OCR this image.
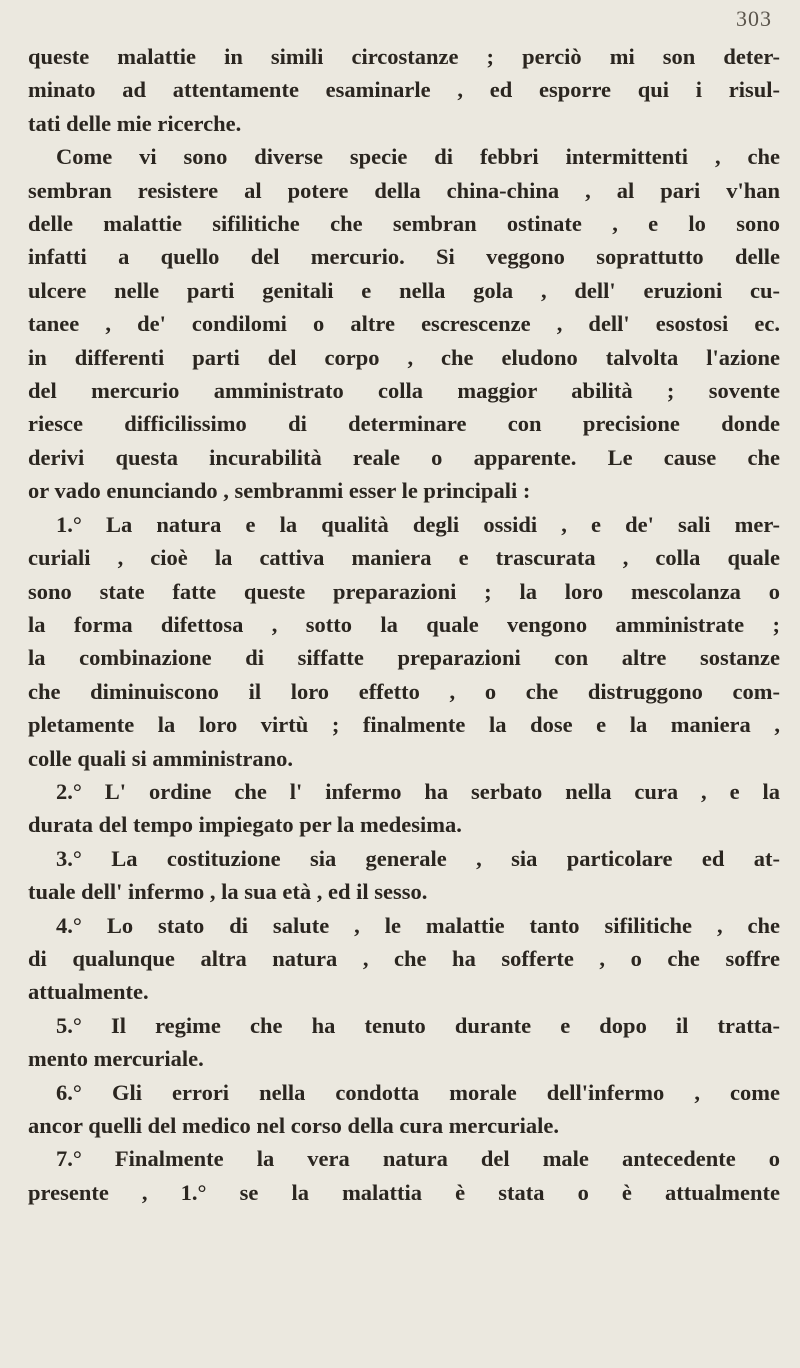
303
queste malattie in simili circostanze ; perciò mi son deter-
minato ad attentamente esaminarle , ed esporre qui i risul-
tati delle mie ricerche.
Come vi sono diverse specie di febbri intermittenti , che
sembran resistere al potere della china-china , al pari v'han
delle malattie sifilitiche che sembran ostinate , e lo sono
infatti a quello del mercurio. Si veggono soprattutto delle
ulcere nelle parti genitali e nella gola , dell' eruzioni cu-
tanee , de' condilomi o altre escrescenze , dell' esostosi ec.
in differenti parti del corpo , che eludono talvolta l'azione
del mercurio amministrato colla maggior abilità ; sovente
riesce difficilissimo di determinare con precisione donde
derivi questa incurabilità reale o apparente. Le cause che
or vado enunciando , sembranmi esser le principali :
1.° La natura e la qualità degli ossidi , e de' sali mer-
curiali , cioè la cattiva maniera e trascurata , colla quale
sono state fatte queste preparazioni ; la loro mescolanza o
la forma difettosa , sotto la quale vengono amministrate ;
la combinazione di siffatte preparazioni con altre sostanze
che diminuiscono il loro effetto , o che distruggono com-
pletamente la loro virtù ; finalmente la dose e la maniera ,
colle quali si amministrano.
2.° L' ordine che l' infermo ha serbato nella cura , e la
durata del tempo impiegato per la medesima.
3.° La costituzione sia generale , sia particolare ed at-
tuale dell' infermo , la sua età , ed il sesso.
4.° Lo stato di salute , le malattie tanto sifilitiche , che
di qualunque altra natura , che ha sofferte , o che soffre
attualmente.
5.° Il regime che ha tenuto durante e dopo il tratta-
mento mercuriale.
6.° Gli errori nella condotta morale dell'infermo , come
ancor quelli del medico nel corso della cura mercuriale.
7.° Finalmente la vera natura del male antecedente o
presente , 1.° se la malattia è stata o è attualmente
